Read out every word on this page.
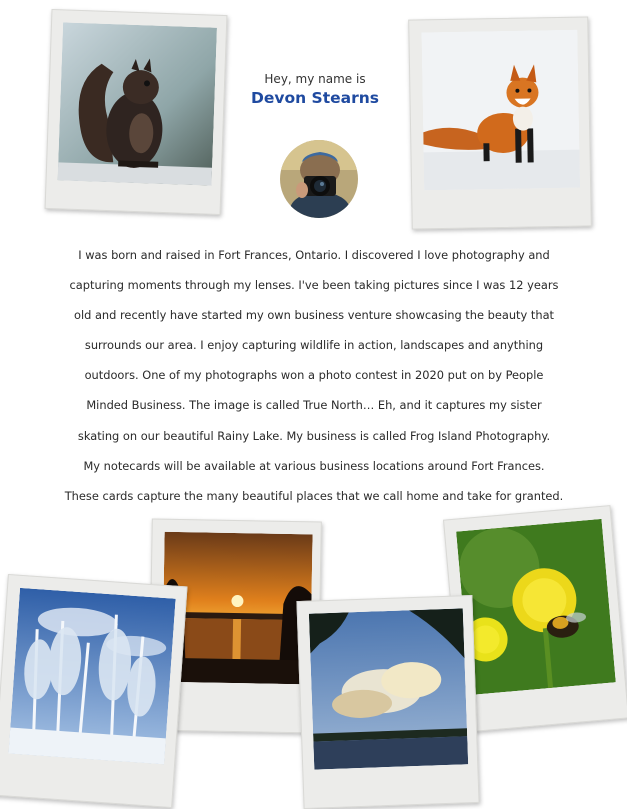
Hey, my name is

Devon Stearns

I was born and raised in Fort Frances, Ontario. I discovered I love photography and
capturing moments through my lenses. I've been taking pictures since I was 12 years
old and recently have started my own business venture showcasing the beauty that
surrounds our area. I enjoy capturing wildlife in action, landscapes and anything
outdoors. One of my photographs won a photo contest in 2020 put on by People
Minded Business. The image is called True North… Eh, and it captures my sister
skating on our beautiful Rainy Lake. My business is called Frog Island Photography.
My notecards will be available at various business locations around Fort Frances.
These cards capture the many beautiful places that we call home and take for granted.
